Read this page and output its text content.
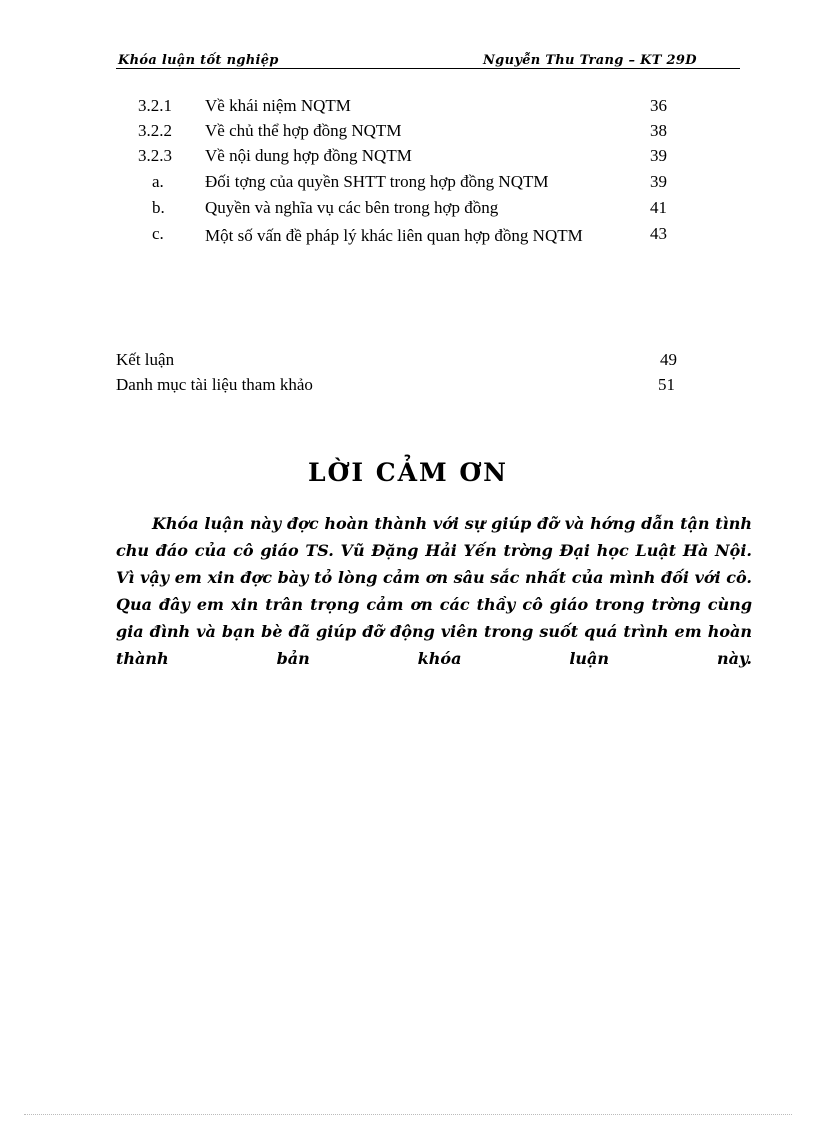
Khóa luận tốt nghiệp	Nguyễn Thu Trang – KT 29D
3.2.1 Về khái niệm NQTM	36
3.2.2 Về chủ thể hợp đồng NQTM	38
3.2.3 Về nội dung hợp đồng NQTM	39
a. Đối tợng của quyền SHTT trong hợp đồng NQTM	39
b. Quyền và nghĩa vụ các bên trong hợp đồng	41
c. Một số vấn đề pháp lý khác liên quan hợp đồng NQTM	43
Kết luận	49
Danh mục tài liệu tham khảo	51
LỜI CẢM ƠN

Khóa luận này đợc hoàn thành với sự giúp đỡ và hớng dẫn tận tình chu đáo của cô giáo TS. Vũ Đặng Hải Yến trờng Đại học Luật Hà Nội. Vì vậy em xin đợc bày tỏ lòng cảm ơn sâu sắc nhất của mình đối với cô. Qua đây em xin trân trọng cảm ơn các thầy cô giáo trong trờng cùng gia đình và bạn bè đã giúp đỡ động viên trong suốt quá trình em hoàn thành bản khóa luận này.
